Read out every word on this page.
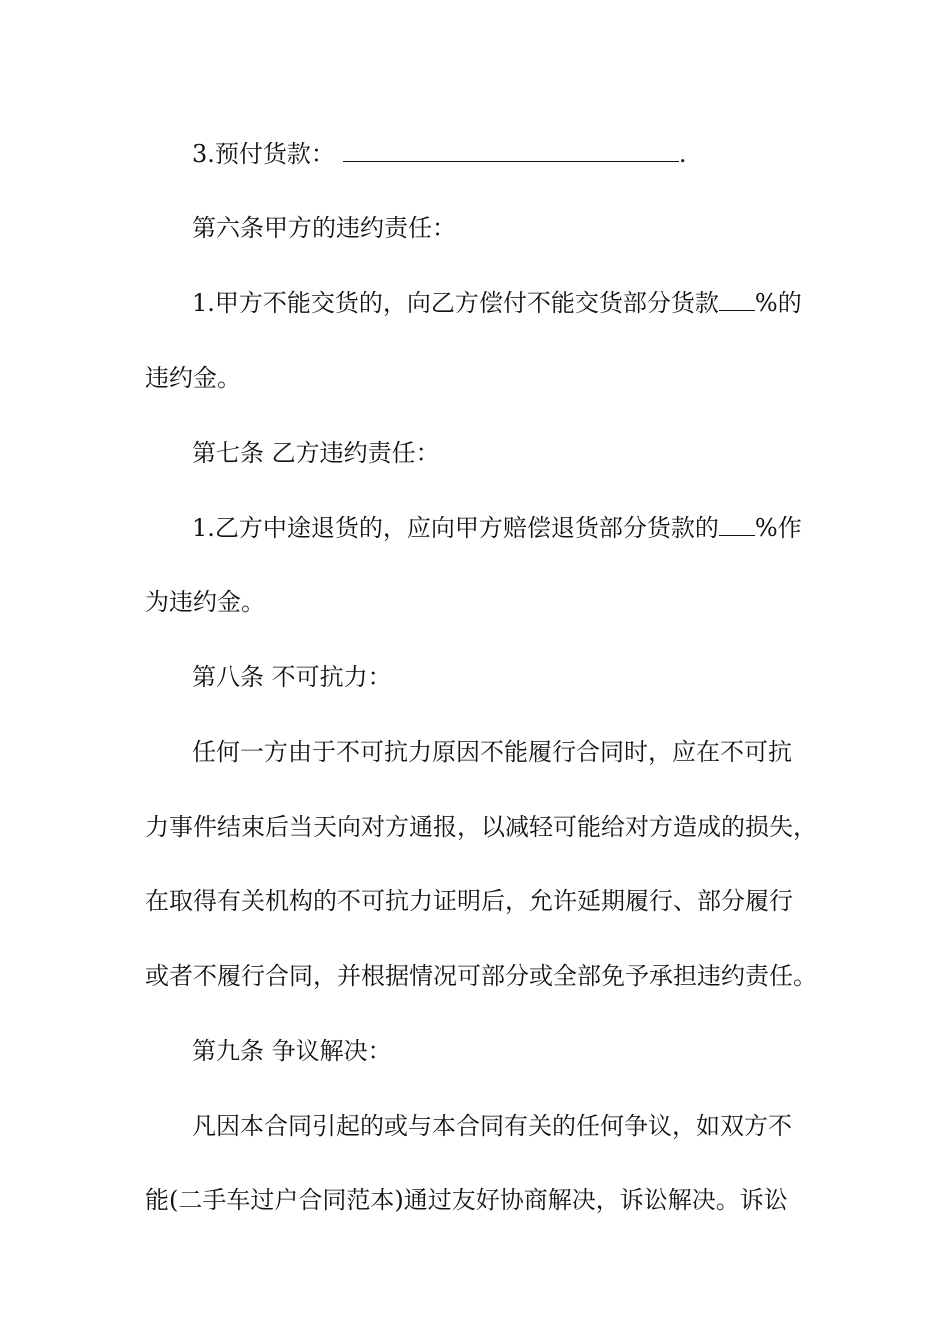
3.预付货款：	.
第六条甲方的违约责任：
1.甲方不能交货的，向乙方偿付不能交货部分货款 %的
违约金。
第七条 乙方违约责任：
1.乙方中途退货的，应向甲方赔偿退货部分货款的 %作
为违约金。
第八条 不可抗力：
任何一方由于不可抗力原因不能履行合同时，应在不可抗
力事件结束后当天向对方通报，以减轻可能给对方造成的损失，
在取得有关机构的不可抗力证明后，允许延期履行、部分履行
或者不履行合同，并根据情况可部分或全部免予承担违约责任。
第九条 争议解决：
凡因本合同引起的或与本合同有关的任何争议，如双方不
能(二手车过户合同范本)通过友好协商解决，诉讼解决。诉讼
